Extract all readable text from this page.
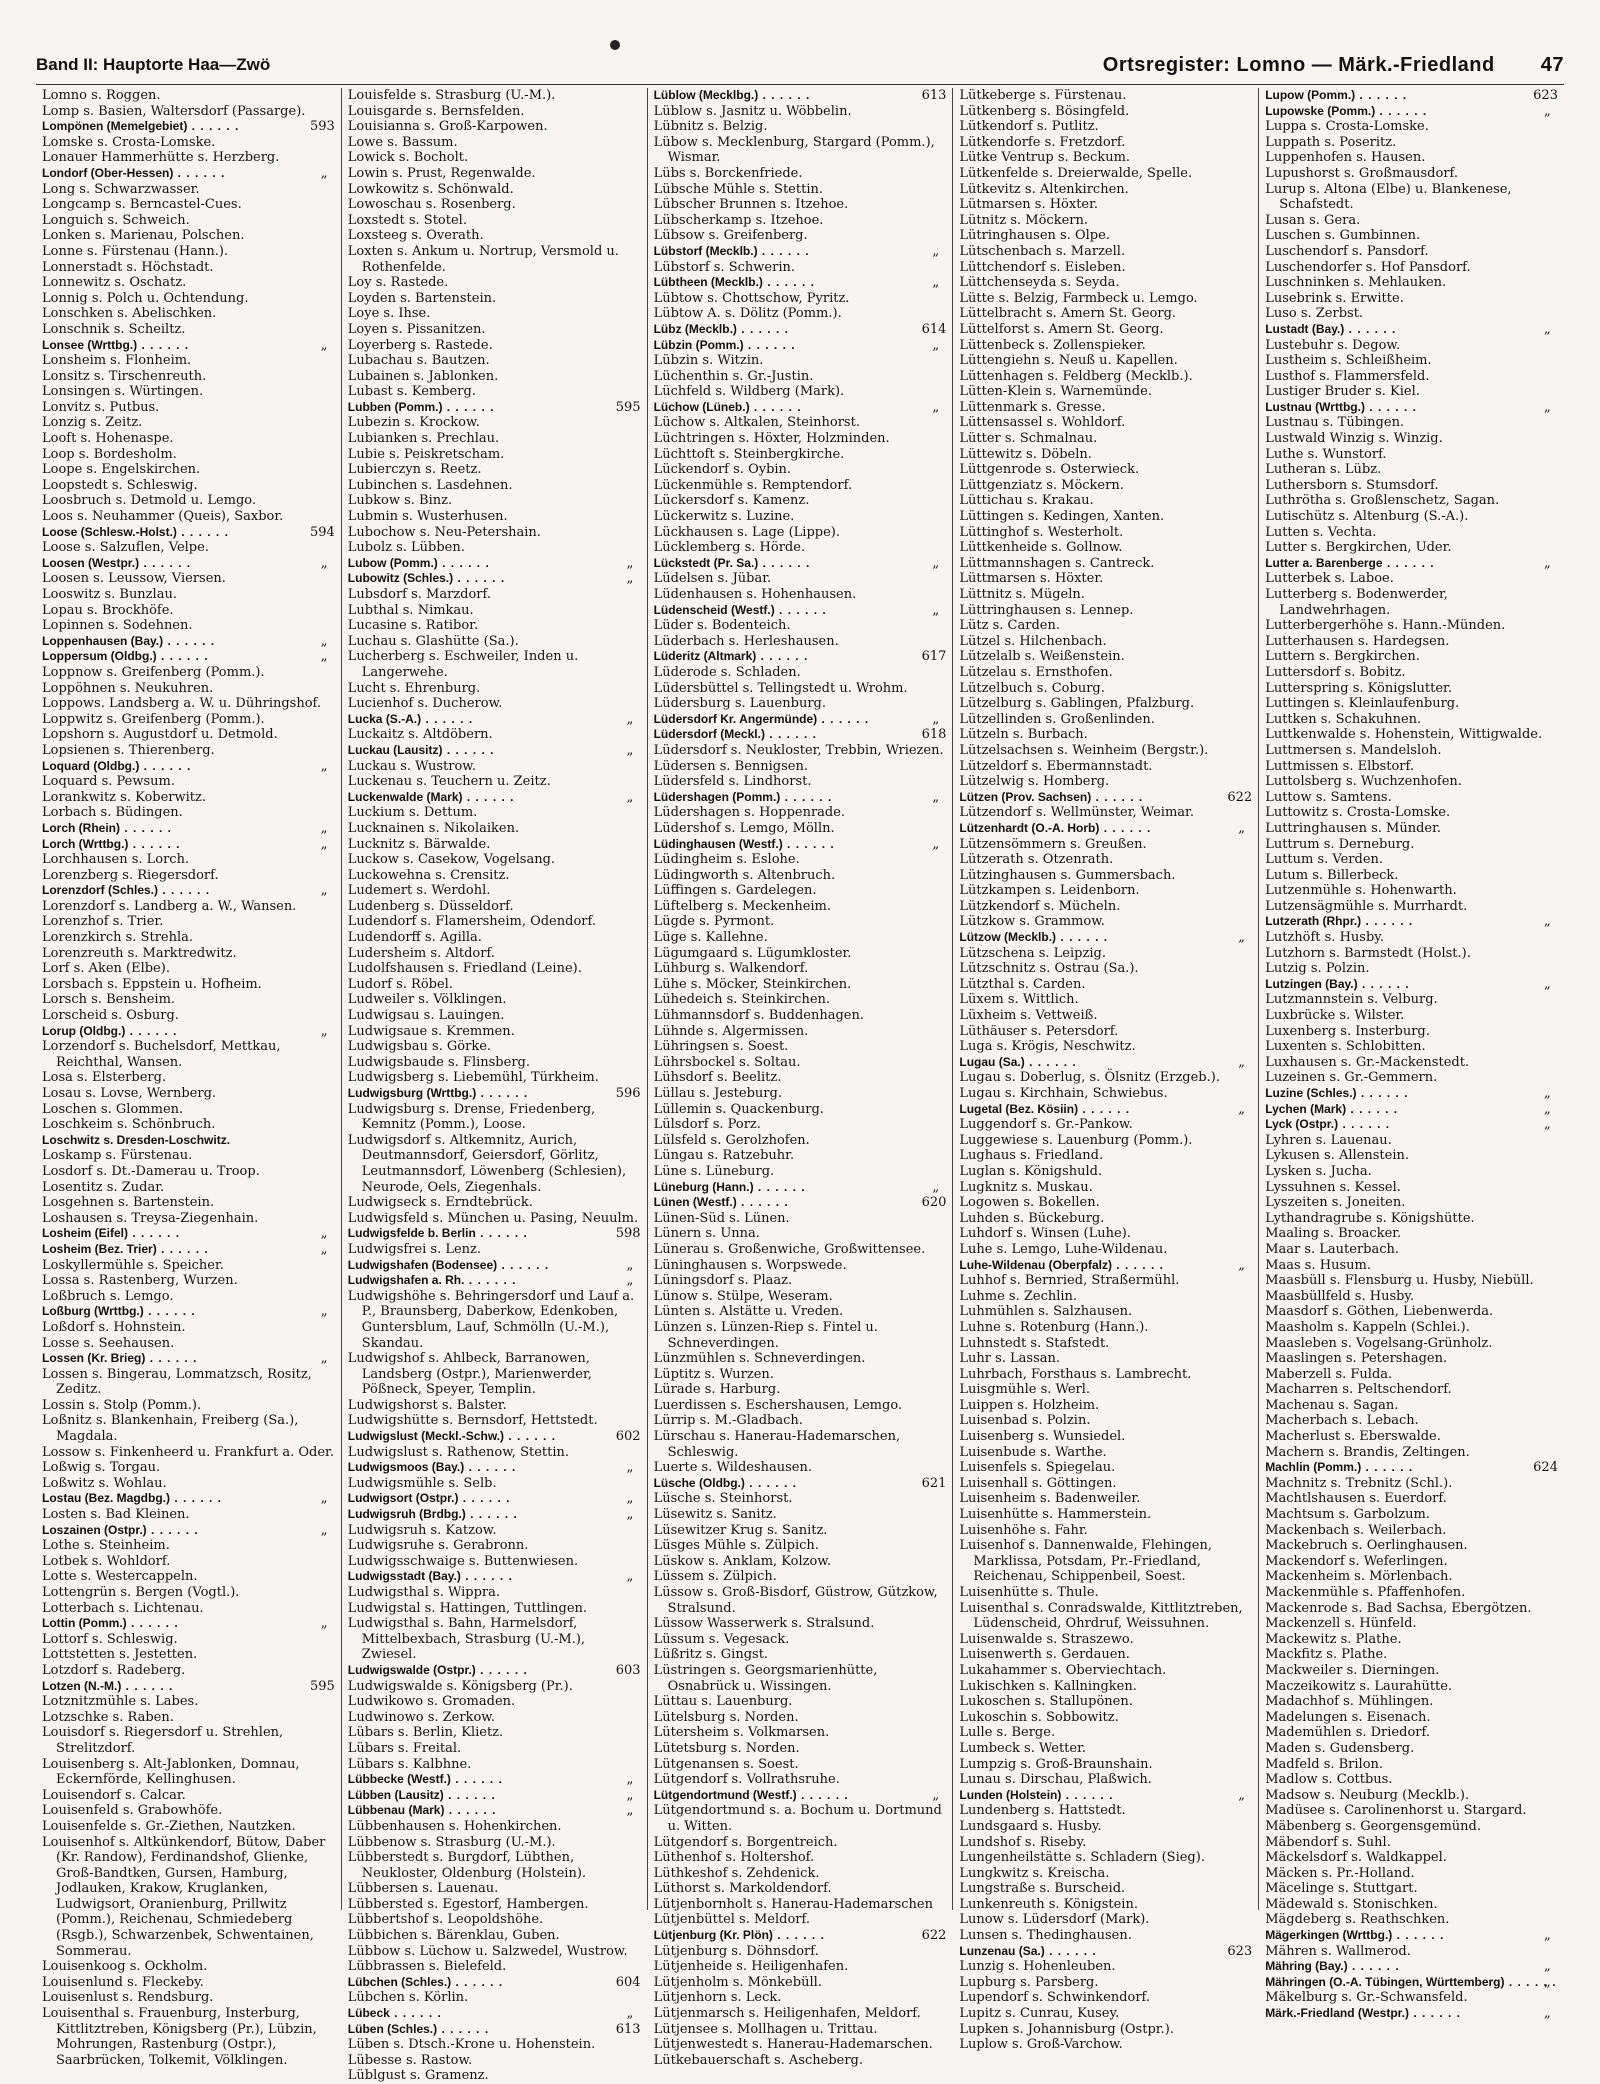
Band II: Hauptorte Haa—Zwö	Ortsregister: Lomno — Märk.-Friedland 47
Lomno s. Roggen.
Lomp s. Basien, Waltersdorf (Passarge).
593
Lompönen (Memelgebiet) . . .
Lomske s. Crosta-Lomske.
Lonauer Hammerhütte s. Herzberg.
„
Londorf (Ober-Hessen) . . .
Long s. Schwarzwasser.
Longcamp s. Berncastel-Cues.
Longuich s. Schweich.
Lonken s. Marienau, Polschen.
Lonne s. Fürstenau (Hann.).
Lonnerstadt s. Höchstadt.
Lonnewitz s. Oschatz.
Lonnig s. Polch u. Ochtendung.
Lonschken s. Abelischken.
Lonschnik s. Scheiltz.
„
Lonsee (Wrttbg.) . . .
Lonsheim s. Flonheim.
Lonsitz s. Tirschenreuth.
Lonsingen s. Würtingen.
Lonvitz s. Putbus.
Lonzig s. Zeitz.
Looft s. Hohenaspe.
Loop s. Bordesholm.
Loope s. Engelskirchen.
Loopstedt s. Schleswig.
Loosbruch s. Detmold u. Lemgo.
Loos s. Neuhammer (Queis), Saxbor.
594
Loose (Schlesw.-Holst.) . . .
Loose s. Salzuflen, Velpe.
„
Loosen (Westpr.) . . .
Loosen s. Leussow, Viersen.
Looswitz s. Bunzlau.
Lopau s. Brockhöfe.
Lopinnen s. Sodehnen.
„
Loppenhausen (Bay.) . . .
„
Loppersum (Oldbg.) . . .
Loppnow s. Greifenberg (Pomm.).
Loppöhnen s. Neukuhren.
Loppows. Landsberg a. W. u. Dühringshof.
Loppwitz s. Greifenberg (Pomm.).
Lopshorn s. Augustdorf u. Detmold.
Lopsienen s. Thierenberg.
„
Loquard (Oldbg.) . . .
Loquard s. Pewsum.
Lorankwitz s. Koberwitz.
Lorbach s. Büdingen.
„
Lorch (Rhein) . . .
„
Lorch (Wrttbg.) . . .
Lorchhausen s. Lorch.
Lorenzberg s. Riegersdorf.
„
Lorenzdorf (Schles.) . . .
Lorenzdorf s. Landberg a. W., Wansen.
Lorenzhof s. Trier.
Lorenzkirch s. Strehla.
Lorenzreuth s. Marktredwitz.
Lorf s. Aken (Elbe).
Lorsbach s. Eppstein u. Hofheim.
Lorsch s. Bensheim.
Lorscheid s. Osburg.
„
Lorup (Oldbg.) . . .
Lorzendorf s. Buchelsdorf, Mettkau, Reichthal, Wansen.
Losa s. Elsterberg.
Losau s. Lovse, Wernberg.
Loschen s. Glommen.
Loschkeim s. Schönbruch.
Loschwitz s. Dresden-Loschwitz.
Loskamp s. Fürstenau.
Losdorf s. Dt.-Damerau u. Troop.
Losentitz s. Zudar.
Losgehnen s. Bartenstein.
Loshausen s. Treysa-Ziegenhain.
„
Losheim (Eifel) . . .
„
Losheim (Bez. Trier) . . .
Loskyllermühle s. Speicher.
Lossa s. Rastenberg, Wurzen.
Loßbruch s. Lemgo.
„
Loßburg (Wrttbg.) . . .
Loßdorf s. Hohnstein.
Losse s. Seehausen.
„
Lossen (Kr. Brieg) . . .
Lossen s. Bingerau, Lommatzsch, Rositz, Zeditz.
Lossin s. Stolp (Pomm.).
Loßnitz s. Blankenhain, Freiberg (Sa.), Magdala.
Lossow s. Finkenheerd u. Frankfurt a. Oder.
Loßwig s. Torgau.
Loßwitz s. Wohlau.
„
Lostau (Bez. Magdbg.) . . .
Losten s. Bad Kleinen.
„
Loszainen (Ostpr.) . . .
Lothe s. Steinheim.
Lotbek s. Wohldorf.
Lotte s. Westercappeln.
Lottengrün s. Bergen (Vogtl.).
Lotterbach s. Lichtenau.
„
Lottin (Pomm.) . . .
Lottorf s. Schleswig.
Lottstetten s. Jestetten.
Lotzdorf s. Radeberg.
595
Lotzen (N.-M.) . . .
Lotznitzmühle s. Labes.
Lotzschke s. Raben.
Louisdorf s. Riegersdorf u. Strehlen, Strelitzdorf.
Louisenberg s. Alt-Jablonken, Domnau, Eckernförde, Kellinghusen.
Louisendorf s. Calcar.
Louisenfeld s. Grabowhöfe.
Louisenfelde s. Gr.-Ziethen, Nautzken.
Louisenhof s. Altkünkendorf, Bütow, Daber (Kr. Randow), Ferdinandshof, Glienke, Groß-Bandtken, Gursen, Hamburg, Jodlauken, Krakow, Kruglanken, Ludwigsort, Oranienburg, Prillwitz (Pomm.), Reichenau, Schmiedeberg (Rsgb.), Schwarzenbek, Schwentainen, Sommerau.
Louisenkoog s. Ockholm.
Louisenlund s. Fleckeby.
Louisenlust s. Rendsburg.
Louisenthal s. Frauenburg, Insterburg, Kittlitztreben, Königsberg (Pr.), Lübzin, Mohrungen, Rastenburg (Ostpr.), Saarbrücken, Tolkemit, Völklingen.
Louisfelde s. Strasburg (U.-M.).
Louisgarde s. Bernsfelden.
Louisianna s. Groß-Karpowen.
Lowe s. Bassum.
Lowick s. Bocholt.
Lowin s. Prust, Regenwalde.
Lowkowitz s. Schönwald.
Lowoschau s. Rosenberg.
Loxstedt s. Stotel.
Loxsteeg s. Overath.
Loxten s. Ankum u. Nortrup, Versmold u. Rothenfelde.
Loy s. Rastede.
Loyden s. Bartenstein.
Loye s. Ihse.
Loyen s. Pissanitzen.
Loyerberg s. Rastede.
Lubachau s. Bautzen.
Lubainen s. Jablonken.
Lubast s. Kemberg.
595
Lubben (Pomm.) . . .
Lubezin s. Krockow.
Lubianken s. Prechlau.
Lubie s. Peiskretscham.
Lubierczyn s. Reetz.
Lubinchen s. Lasdehnen.
Lubkow s. Binz.
Lubmin s. Wusterhusen.
Lubochow s. Neu-Petershain.
Lubolz s. Lübben.
„
Lubow (Pomm.) . . .
„
Lubowitz (Schles.) . . .
Lubsdorf s. Marzdorf.
Lubthal s. Nimkau.
Lucasine s. Ratibor.
Luchau s. Glashütte (Sa.).
Lucherberg s. Eschweiler, Inden u. Langerwehe.
Lucht s. Ehrenburg.
Lucienhof s. Ducherow.
„
Lucka (S.-A.) . . .
Luckaitz s. Altdöbern.
„
Luckau (Lausitz) . . .
Luckau s. Wustrow.
Luckenau s. Teuchern u. Zeitz.
„
Luckenwalde (Mark) . . .
Luckium s. Dettum.
Lucknainen s. Nikolaiken.
Lucknitz s. Bärwalde.
Luckow s. Casekow, Vogelsang.
Luckowehna s. Crensitz.
Ludemert s. Werdohl.
Ludenberg s. Düsseldorf.
Ludendorf s. Flamersheim, Odendorf.
Ludendorff s. Agilla.
Ludersheim s. Altdorf.
Ludolfshausen s. Friedland (Leine).
Ludorf s. Röbel.
Ludweiler s. Völklingen.
Ludwigsau s. Lauingen.
Ludwigsaue s. Kremmen.
Ludwigsbau s. Görke.
Ludwigsbaude s. Flinsberg.
Ludwigsberg s. Liebemühl, Türkheim.
596
Ludwigsburg (Wrttbg.) . . .
Ludwigsburg s. Drense, Friedenberg, Kemnitz (Pomm.), Loose.
Ludwigsdorf s. Altkemnitz, Aurich, Deutmannsdorf, Geiersdorf, Görlitz, Leutmannsdorf, Löwenberg (Schlesien), Neurode, Oels, Ziegenhals.
Ludwigseck s. Erndtebrück.
Ludwigsfeld s. München u. Pasing, Neuulm.
598
Ludwigsfelde b. Berlin . . .
Ludwigsfrei s. Lenz.
„
Ludwigshafen (Bodensee) . . .
„
Ludwigshafen a. Rh. . . .
Ludwigshöhe s. Behringersdorf und Lauf a. P., Braunsberg, Daberkow, Edenkoben, Guntersblum, Lauf, Schmölln (U.-M.), Skandau.
Ludwigshof s. Ahlbeck, Barranowen, Landsberg (Ostpr.), Marienwerder, Pößneck, Speyer, Templin.
Ludwigshorst s. Balster.
Ludwigshütte s. Bernsdorf, Hettstedt.
602
Ludwigslust (Meckl.-Schw.) . . .
Ludwigslust s. Rathenow, Stettin.
„
Ludwigsmoos (Bay.) . . .
Ludwigsmühle s. Selb.
„
Ludwigsort (Ostpr.) . . .
„
Ludwigsruh (Brdbg.) . . .
Ludwigsruh s. Katzow.
Ludwigsruhe s. Gerabronn.
Ludwigsschwaige s. Buttenwiesen.
„
Ludwigsstadt (Bay.) . . .
Ludwigsthal s. Wippra.
Ludwigstal s. Hattingen, Tuttlingen.
Ludwigsthal s. Bahn, Harmelsdorf, Mittelbexbach, Strasburg (U.-M.), Zwiesel.
603
Ludwigswalde (Ostpr.) . . .
Ludwigswalde s. Königsberg (Pr.).
Ludwikowo s. Gromaden.
Ludwinowo s. Zerkow.
Lübars s. Berlin, Klietz.
Lübars s. Freital.
Lübars s. Kalbhne.
„
Lübbecke (Westf.) . . .
„
Lübben (Lausitz) . . .
„
Lübbenau (Mark) . . .
Lübbenhausen s. Hohenkirchen.
Lübbenow s. Strasburg (U.-M.).
Lübberstedt s. Burgdorf, Lübthen, Neukloster, Oldenburg (Holstein).
Lübbersen s. Lauenau.
Lübbersted s. Egestorf, Hambergen.
Lübbertshof s. Leopoldshöhe.
Lübbichen s. Bärenklau, Guben.
Lübbow s. Lüchow u. Salzwedel, Wustrow.
Lübbrassen s. Bielefeld.
604
Lübchen (Schles.) . . .
Lübchen s. Körlin.
„
Lübeck . . .
613
Lüben (Schles.) . . .
Lüben s. Dtsch.-Krone u. Hohenstein.
Lübesse s. Rastow.
Lüblgust s. Gramenz.
613
Lüblow (Mecklbg.) . . .
Lüblow s. Jasnitz u. Wöbbelin.
Lübnitz s. Belzig.
Lübow s. Mecklenburg, Stargard (Pomm.), Wismar.
Lübs s. Borckenfriede.
Lübsche Mühle s. Stettin.
Lübscher Brunnen s. Itzehoe.
Lübscherkamp s. Itzehoe.
Lübsow s. Greifenberg.
„
Lübstorf (Mecklb.) . . .
Lübstorf s. Schwerin.
„
Lübtheen (Mecklb.) . . .
Lübtow s. Chottschow, Pyritz.
Lübtow A. s. Dölitz (Pomm.).
614
Lübz (Mecklb.) . . .
„
Lübzin (Pomm.) . . .
Lübzin s. Witzin.
Lüchenthin s. Gr.-Justin.
Lüchfeld s. Wildberg (Mark).
„
Lüchow (Lüneb.) . . .
Lüchow s. Altkalen, Steinhorst.
Lüchtringen s. Höxter, Holzminden.
Lüchttoft s. Steinbergkirche.
Lückendorf s. Oybin.
Lückenmühle s. Remptendorf.
Lückersdorf s. Kamenz.
Lückerwitz s. Luzine.
Lückhausen s. Lage (Lippe).
Lücklemberg s. Hörde.
„
Lückstedt (Pr. Sa.) . . .
Lüdelsen s. Jübar.
Lüdenhausen s. Hohenhausen.
„
Lüdenscheid (Westf.) . . .
Lüder s. Bodenteich.
Lüderbach s. Herleshausen.
617
Lüderitz (Altmark) . . .
Lüderode s. Schladen.
Lüdersbüttel s. Tellingstedt u. Wrohm.
Lüdersburg s. Lauenburg.
„
Lüdersdorf Kr. Angermünde) . . .
618
Lüdersdorf (Meckl.) . . .
Lüdersdorf s. Neukloster, Trebbin, Wriezen.
Lüdersen s. Bennigsen.
Lüdersfeld s. Lindhorst.
„
Lüdershagen (Pomm.) . . .
Lüdershagen s. Hoppenrade.
Lüdershof s. Lemgo, Mölln.
„
Lüdinghausen (Westf.) . . .
Lüdingheim s. Eslohe.
Lüdingworth s. Altenbruch.
Lüffingen s. Gardelegen.
Lüftelberg s. Meckenheim.
Lügde s. Pyrmont.
Lüge s. Kallehne.
Lügumgaard s. Lügumkloster.
Lühburg s. Walkendorf.
Lühe s. Möcker, Steinkirchen.
Lühedeich s. Steinkirchen.
Lühmannsdorf s. Buddenhagen.
Lühnde s. Algermissen.
Lühringsen s. Soest.
Lührsbockel s. Soltau.
Lühsdorf s. Beelitz.
Lüllau s. Jesteburg.
Lüllemin s. Quackenburg.
Lülsdorf s. Porz.
Lülsfeld s. Gerolzhofen.
Lüngau s. Ratzebuhr.
Lüne s. Lüneburg.
„
Lüneburg (Hann.) . . .
620
Lünen (Westf.) . . .
Lünen-Süd s. Lünen.
Lünern s. Unna.
Lünerau s. Großenwiche, Großwittensee.
Lüninghausen s. Worpswede.
Lüningsdorf s. Plaaz.
Lünow s. Stülpe, Weseram.
Lünten s. Alstätte u. Vreden.
Lünzen s. Lünzen-Riep s. Fintel u. Schneverdingen.
Lünzmühlen s. Schneverdingen.
Lüptitz s. Wurzen.
Lürade s. Harburg.
Luerdissen s. Eschershausen, Lemgo.
Lürrip s. M.-Gladbach.
Lürschau s. Hanerau-Hademarschen, Schleswig.
Luerte s. Wildeshausen.
621
Lüsche (Oldbg.) . . .
Lüsche s. Steinhorst.
Lüsewitz s. Sanitz.
Lüsewitzer Krug s. Sanitz.
Lüsges Mühle s. Zülpich.
Lüskow s. Anklam, Kolzow.
Lüssem s. Zülpich.
Lüssow s. Groß-Bisdorf, Güstrow, Gützkow, Stralsund.
Lüssow Wasserwerk s. Stralsund.
Lüssum s. Vegesack.
Lüßritz s. Gingst.
Lüstringen s. Georgsmarienhütte, Osnabrück u. Wissingen.
Lüttau s. Lauenburg.
Lütelsburg s. Norden.
Lütersheim s. Volkmarsen.
Lütetsburg s. Norden.
Lütgenansen s. Soest.
Lütgendorf s. Vollrathsruhe.
„
Lütgendortmund (Westf.) . . .
Lütgendortmund s. a. Bochum u. Dortmund u. Witten.
Lütgendorf s. Borgentreich.
Lüthenhof s. Holtershof.
Lüthkeshof s. Zehdenick.
Lüthorst s. Markoldendorf.
Lütjenbornholt s. Hanerau-Hademarschen
Lütjenbüttel s. Meldorf.
622
Lütjenburg (Kr. Plön) . . .
Lütjenburg s. Döhnsdorf.
Lütjenheide s. Heiligenhafen.
Lütjenholm s. Mönkebüll.
Lütjenhorn s. Leck.
Lütjenmarsch s. Heiligenhafen, Meldorf.
Lütjensee s. Mollhagen u. Trittau.
Lütjenwestedt s. Hanerau-Hademarschen.
Lütkebauerschaft s. Ascheberg.
Lütkeberge s. Fürstenau.
Lütkenberg s. Bösingfeld.
Lütkendorf s. Putlitz.
Lütkendorfe s. Fretzdorf.
Lütke Ventrup s. Beckum.
Lütkenfelde s. Dreierwalde, Spelle.
Lütkevitz s. Altenkirchen.
Lütmarsen s. Höxter.
Lütnitz s. Möckern.
Lütringhausen s. Olpe.
Lütschenbach s. Marzell.
Lüttchendorf s. Eisleben.
Lüttchenseyda s. Seyda.
Lütte s. Belzig, Farmbeck u. Lemgo.
Lüttelbracht s. Amern St. Georg.
Lüttelforst s. Amern St. Georg.
Lüttenbeck s. Zollenspieker.
Lüttengiehn s. Neuß u. Kapellen.
Lüttenhagen s. Feldberg (Mecklb.).
Lütten-Klein s. Warnemünde.
Lüttenmark s. Gresse.
Lüttensassel s. Wohldorf.
Lütter s. Schmalnau.
Lüttewitz s. Döbeln.
Lüttgenrode s. Osterwieck.
Lüttgenziatz s. Möckern.
Lüttichau s. Krakau.
Lüttingen s. Kedingen, Xanten.
Lüttinghof s. Westerholt.
Lüttkenheide s. Gollnow.
Lüttmannshagen s. Cantreck.
Lüttmarsen s. Höxter.
Lüttnitz s. Mügeln.
Lüttringhausen s. Lennep.
Lütz s. Carden.
Lützel s. Hilchenbach.
Lützelalb s. Weißenstein.
Lützelau s. Ernsthofen.
Lützelbuch s. Coburg.
Lützelburg s. Gablingen, Pfalzburg.
Lützellinden s. Großenlinden.
Lützeln s. Burbach.
Lützelsachsen s. Weinheim (Bergstr.).
Lützeldorf s. Ebermannstadt.
Lützelwig s. Homberg.
622
Lützen (Prov. Sachsen) . . .
Lützendorf s. Wellmünster, Weimar.
„
Lützenhardt (O.-A. Horb) . . .
Lützensömmern s. Greußen.
Lützerath s. Otzenrath.
Lützinghausen s. Gummersbach.
Lützkampen s. Leidenborn.
Lützkendorf s. Mücheln.
Lützkow s. Grammow.
„
Lützow (Mecklb.) . . .
Lützschena s. Leipzig.
Lützschnitz s. Ostrau (Sa.).
Lützthal s. Carden.
Lüxem s. Wittlich.
Lüxheim s. Vettweiß.
Lüthäuser s. Petersdorf.
Luga s. Krögis, Neschwitz.
„
Lugau (Sa.) . . .
Lugau s. Doberlug, s. Ölsnitz (Erzgeb.).
Lugau s. Kirchhain, Schwiebus.
„
Lugetal (Bez. Kösiin) . . .
Luggendorf s. Gr.-Pankow.
Luggewiese s. Lauenburg (Pomm.).
Lughaus s. Friedland.
Luglan s. Königshuld.
Lugknitz s. Muskau.
Logowen s. Bokellen.
Luhden s. Bückeburg.
Luhdorf s. Winsen (Luhe).
Luhe s. Lemgo, Luhe-Wildenau.
„
Luhe-Wildenau (Oberpfalz) . . .
Luhhof s. Bernried, Straßermühl.
Luhme s. Zechlin.
Luhmühlen s. Salzhausen.
Luhne s. Rotenburg (Hann.).
Luhnstedt s. Stafstedt.
Luhr s. Lassan.
Luhrbach, Forsthaus s. Lambrecht.
Luisgmühle s. Werl.
Luippen s. Holzheim.
Luisenbad s. Polzin.
Luisenberg s. Wunsiedel.
Luisenbude s. Warthe.
Luisenfels s. Spiegelau.
Luisenhall s. Göttingen.
Luisenheim s. Badenweiler.
Luisenhütte s. Hammerstein.
Luisenhöhe s. Fahr.
Luisenhof s. Dannenwalde, Flehingen, Marklissa, Potsdam, Pr.-Friedland, Reichenau, Schippenbeil, Soest.
Luisenhütte s. Thule.
Luisenthal s. Conradswalde, Kittlitztreben, Lüdenscheid, Ohrdruf, Weissuhnen.
Luisenwalde s. Straszewo.
Luisenwerth s. Gerdauen.
Lukahammer s. Oberviechtach.
Lukischken s. Kallningken.
Lukoschen s. Stallupönen.
Lukoschin s. Sobbowitz.
Lulle s. Berge.
Lumbeck s. Wetter.
Lumpzig s. Groß-Braunshain.
Lunau s. Dirschau, Plaßwich.
„
Lunden (Holstein) . . .
Lundenberg s. Hattstedt.
Lundsgaard s. Husby.
Lundshof s. Riseby.
Lungenheilstätte s. Schladern (Sieg).
Lungkwitz s. Kreischa.
Lungstraße s. Burscheid.
Lunkenreuth s. Königstein.
Lunow s. Lüdersdorf (Mark).
Lunsen s. Thedinghausen.
623
Lunzenau (Sa.) . . .
Lunzig s. Hohenleuben.
Lupburg s. Parsberg.
Lupendorf s. Schwinkendorf.
Lupitz s. Cunrau, Kusey.
Lupken s. Johannisburg (Ostpr.).
Luplow s. Groß-Varchow.
623
Lupow (Pomm.) . . .
„
Lupowske (Pomm.) . . .
Luppa s. Crosta-Lomske.
Luppath s. Poseritz.
Luppenhofen s. Hausen.
Lupushorst s. Großmausdorf.
Lurup s. Altona (Elbe) u. Blankenese, Schafstedt.
Lusan s. Gera.
Luschen s. Gumbinnen.
Luschendorf s. Pansdorf.
Luschendorfer s. Hof Pansdorf.
Luschninken s. Mehlauken.
Lusebrink s. Erwitte.
Luso s. Zerbst.
„
Lustadt (Bay.) . . .
Lustebuhr s. Degow.
Lustheim s. Schleißheim.
Lusthof s. Flammersfeld.
Lustiger Bruder s. Kiel.
„
Lustnau (Wrttbg.) . . .
Lustnau s. Tübingen.
Lustwald Winzig s. Winzig.
Luthe s. Wunstorf.
Lutheran s. Lübz.
Luthersborn s. Stumsdorf.
Luthrötha s. Großlenschetz, Sagan.
Lutischütz s. Altenburg (S.-A.).
Lutten s. Vechta.
Lutter s. Bergkirchen, Uder.
„
Lutter a. Barenberge . . .
Lutterbek s. Laboe.
Lutterberg s. Bodenwerder, Landwehrhagen.
Lutterbergerhöhe s. Hann.-Münden.
Lutterhausen s. Hardegsen.
Luttern s. Bergkirchen.
Luttersdorf s. Bobitz.
Lutterspring s. Königslutter.
Luttingen s. Kleinlaufenburg.
Luttken s. Schakuhnen.
Luttkenwalde s. Hohenstein, Wittigwalde.
Luttmersen s. Mandelsloh.
Luttmissen s. Elbstorf.
Luttolsberg s. Wuchzenhofen.
Luttow s. Samtens.
Luttowitz s. Crosta-Lomske.
Luttringhausen s. Münder.
Luttrum s. Derneburg.
Luttum s. Verden.
Lutum s. Billerbeck.
Lutzenmühle s. Hohenwarth.
Lutzensägmühle s. Murrhardt.
„
Lutzerath (Rhpr.) . . .
Lutzhöft s. Husby.
Lutzhorn s. Barmstedt (Holst.).
Lutzig s. Polzin.
„
Lutzingen (Bay.) . . .
Lutzmannstein s. Velburg.
Luxbrücke s. Wilster.
Luxenberg s. Insterburg.
Luxenten s. Schlobitten.
Luxhausen s. Gr.-Mackenstedt.
Luzeinen s. Gr.-Gemmern.
„
Luzine (Schles.) . . .
„
Lychen (Mark) . . .
„
Lyck (Ostpr.) . . .
Lyhren s. Lauenau.
Lykusen s. Allenstein.
Lysken s. Jucha.
Lyssuhnen s. Kessel.
Lyszeiten s. Joneiten.
Lythandragrube s. Königshütte.
Maaling s. Broacker.
Maar s. Lauterbach.
Maas s. Husum.
Maasbüll s. Flensburg u. Husby, Niebüll.
Maasbüllfeld s. Husby.
Maasdorf s. Göthen, Liebenwerda.
Maasholm s. Kappeln (Schlei.).
Maasleben s. Vogelsang-Grünholz.
Maaslingen s. Petershagen.
Maberzell s. Fulda.
Macharren s. Peltschendorf.
Machenau s. Sagan.
Macherbach s. Lebach.
Macherlust s. Eberswalde.
Machern s. Brandis, Zeltingen.
624
Machlin (Pomm.) . . .
Machnitz s. Trebnitz (Schl.).
Machtlshausen s. Euerdorf.
Machtsum s. Garbolzum.
Mackenbach s. Weilerbach.
Mackebruch s. Oerlinghausen.
Mackendorf s. Weferlingen.
Mackenheim s. Mörlenbach.
Mackenmühle s. Pfaffenhofen.
Mackenrode s. Bad Sachsa, Ebergötzen.
Mackenzell s. Hünfeld.
Mackewitz s. Plathe.
Mackfitz s. Plathe.
Mackweiler s. Dierningen.
Maczeikowitz s. Laurahütte.
Madachhof s. Mühlingen.
Madelungen s. Eisenach.
Mademühlen s. Driedorf.
Maden s. Gudensberg.
Madfeld s. Brilon.
Madlow s. Cottbus.
Madsow s. Neuburg (Mecklb.).
Madüsee s. Carolinenhorst u. Stargard.
Mäbenberg s. Georgensgemünd.
Mäbendorf s. Suhl.
Mäckelsdorf s. Waldkappel.
Mäcken s. Pr.-Holland.
Mäcelinge s. Stuttgart.
Mädewald s. Stonischken.
Mägdeberg s. Reathschken.
„
Mägerkingen (Wrttbg.) . . .
Mähren s. Wallmerod.
„
Mähring (Bay.) . . .
„
Mähringen (O.-A. Tübingen, Württemberg) . . .
Mäkelburg s. Gr.-Schwansfeld.
„
Märk.-Friedland (Westpr.) . . .
